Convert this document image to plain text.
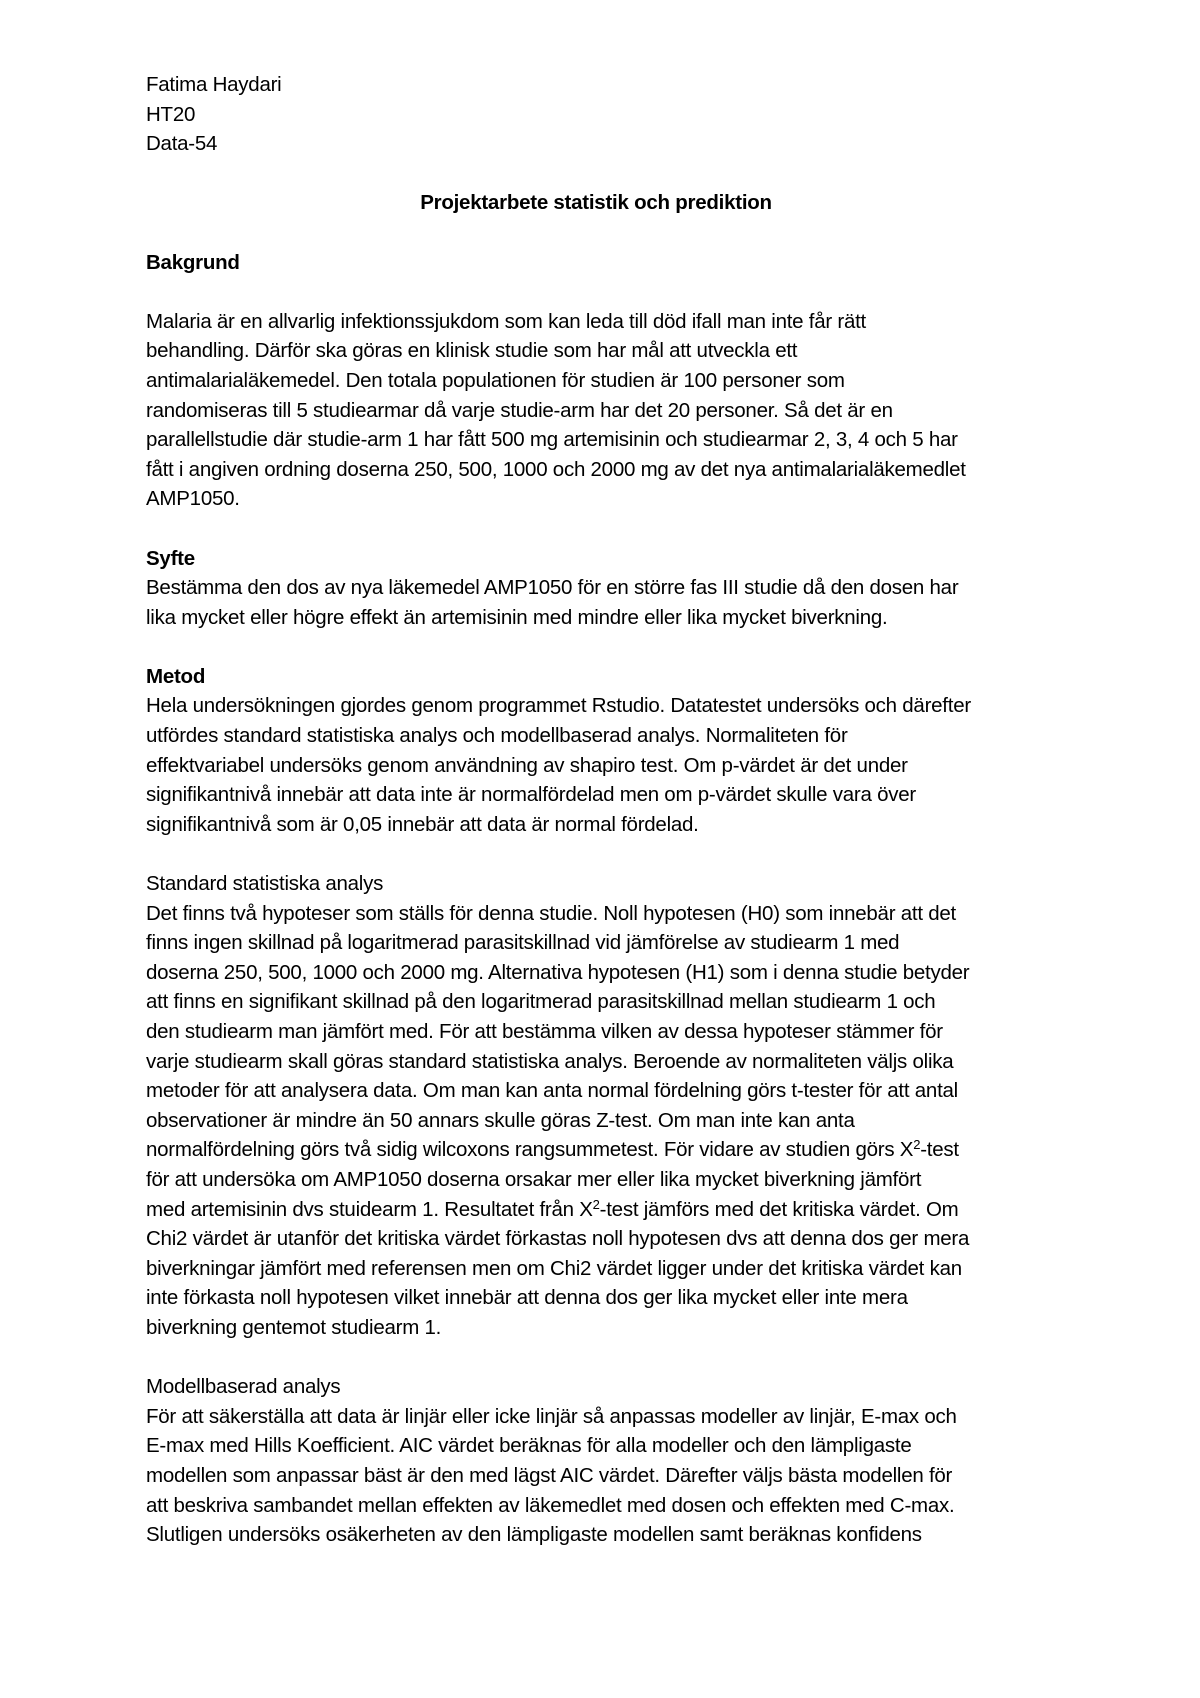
Fatima Haydari
HT20
Data-54
Projektarbete statistik och prediktion
Bakgrund
Malaria är en allvarlig infektionssjukdom som kan leda till död ifall man inte får rätt
behandling. Därför ska göras en klinisk studie som har mål att utveckla ett
antimalarialäkemedel. Den totala populationen för studien är 100 personer som
randomiseras till 5 studiearmar då varje studie-arm har det 20 personer. Så det är en
parallellstudie där studie-arm 1 har fått 500 mg artemisinin och studiearmar 2, 3, 4 och 5 har
fått i angiven ordning doserna 250, 500, 1000 och 2000 mg av det nya antimalarialäkemedlet
AMP1050.
Syfte
Bestämma den dos av nya läkemedel AMP1050 för en större fas III studie då den dosen har
lika mycket eller högre effekt än artemisinin med mindre eller lika mycket biverkning.
Metod
Hela undersökningen gjordes genom programmet Rstudio. Datatestet undersöks och därefter
utfördes standard statistiska analys och modellbaserad analys. Normaliteten för
effektvariabel undersöks genom användning av shapiro test. Om p-värdet är det under
signifikantnivå innebär att data inte är normalfördelad men om p-värdet skulle vara över
signifikantnivå som är 0,05 innebär att data är normal fördelad.
Standard statistiska analys
Det finns två hypoteser som ställs för denna studie. Noll hypotesen (H0) som innebär att det
finns ingen skillnad på logaritmerad parasitskillnad vid jämförelse av studiearm 1 med
doserna 250, 500, 1000 och 2000 mg. Alternativa hypotesen (H1) som i denna studie betyder
att finns en signifikant skillnad på den logaritmerad parasitskillnad mellan studiearm 1 och
den studiearm man jämfört med. För att bestämma vilken av dessa hypoteser stämmer för
varje studiearm skall göras standard statistiska analys. Beroende av normaliteten väljs olika
metoder för att analysera data. Om man kan anta normal fördelning görs t-tester för att antal
observationer är mindre än 50 annars skulle göras Z-test. Om man inte kan anta
normalfördelning görs två sidig wilcoxons rangsummetest. För vidare av studien görs $X^2$-test
för att undersöka om AMP1050 doserna orsakar mer eller lika mycket biverkning jämfört
med artemisinin dvs stuidearm 1. Resultatet från $X^2$-test jämförs med det kritiska värdet. Om
Chi2 värdet är utanför det kritiska värdet förkastas noll hypotesen dvs att denna dos ger mera
biverkningar jämfört med referensen men om Chi2 värdet ligger under det kritiska värdet kan
inte förkasta noll hypotesen vilket innebär att denna dos ger lika mycket eller inte mera
biverkning gentemot studiearm 1.
Modellbaserad analys
För att säkerställa att data är linjär eller icke linjär så anpassas modeller av linjär, E-max och
E-max med Hills Koefficient. AIC värdet beräknas för alla modeller och den lämpligaste
modellen som anpassar bäst är den med lägst AIC värdet. Därefter väljs bästa modellen för
att beskriva sambandet mellan effekten av läkemedlet med dosen och effekten med C-max.
Slutligen undersöks osäkerheten av den lämpligaste modellen samt beräknas konfidens
